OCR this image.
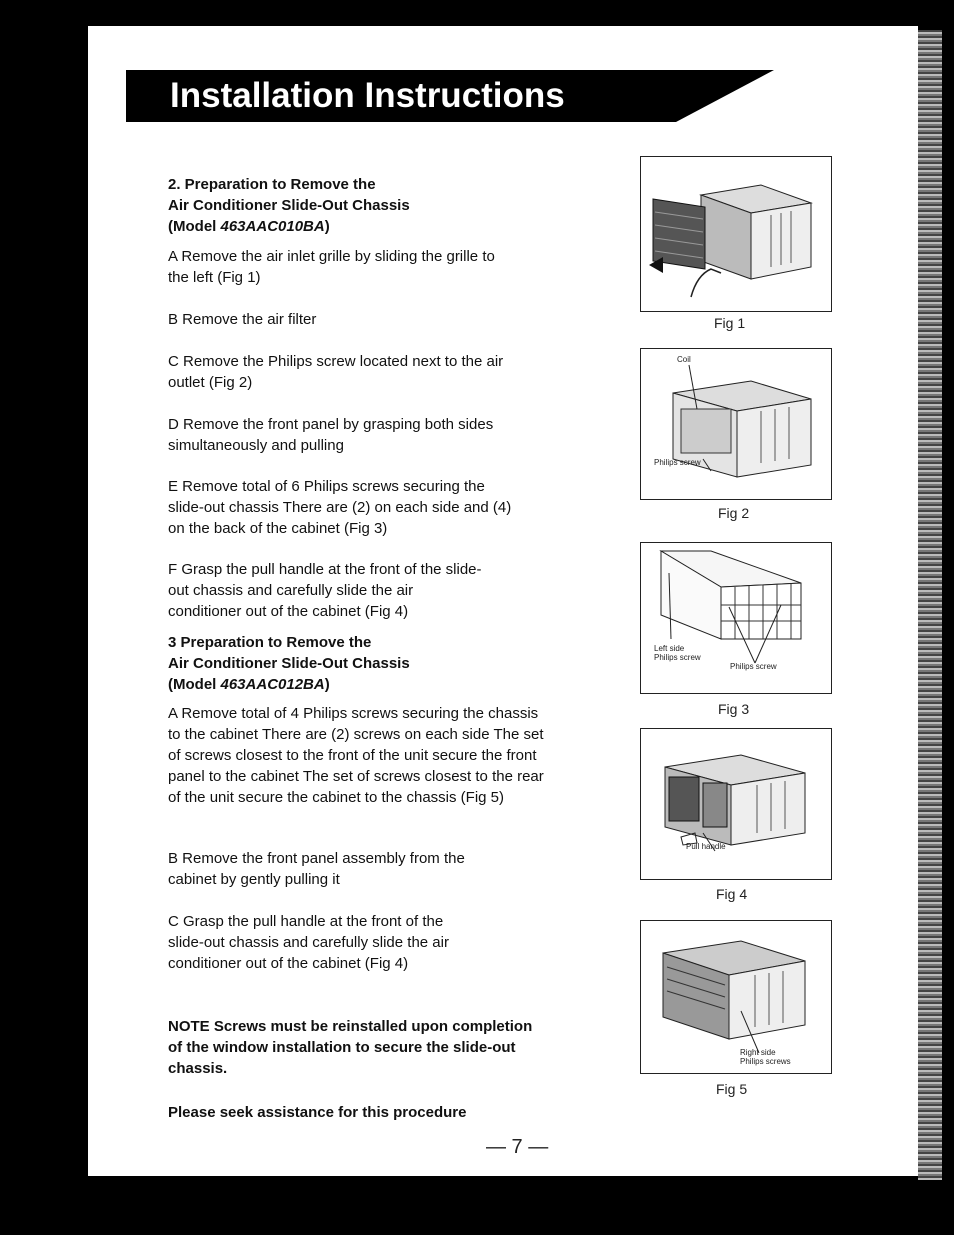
Installation Instructions

2. Preparation to Remove the
Air Conditioner Slide-Out Chassis
(Model 463AAC010BA)

A Remove the air inlet grille by sliding the grille to the left (Fig 1)
B Remove the air filter
C Remove the Philips screw located next to the air outlet (Fig 2)
D Remove the front panel by grasping both sides simultaneously and pulling
E Remove total of 6 Philips screws securing the slide-out chassis There are (2) on each side and (4) on the back of the cabinet (Fig 3)
F Grasp the pull handle at the front of the slide-out chassis and carefully slide the air conditioner out of the cabinet (Fig 4)

3 Preparation to Remove the
Air Conditioner Slide-Out Chassis
(Model 463AAC012BA)

A Remove total of 4 Philips screws securing the chassis to the cabinet There are (2) screws on each side The set of screws closest to the front of the unit secure the front panel to the cabinet The set of screws closest to the rear of the unit secure the cabinet to the chassis (Fig 5)
B Remove the front panel assembly from the cabinet by gently pulling it
C Grasp the pull handle at the front of the slide-out chassis and carefully slide the air conditioner out of the cabinet (Fig 4)
NOTE Screws must be reinstalled upon completion of the window installation to secure the slide-out chassis.
Please seek assistance for this procedure
Fig 1
Coil
Philips screw
Fig 2
Left side
Philips screw
Philips screw
Fig 3
Pull handle
Fig 4
Right side
Philips screws
Fig 5
— 7 —
